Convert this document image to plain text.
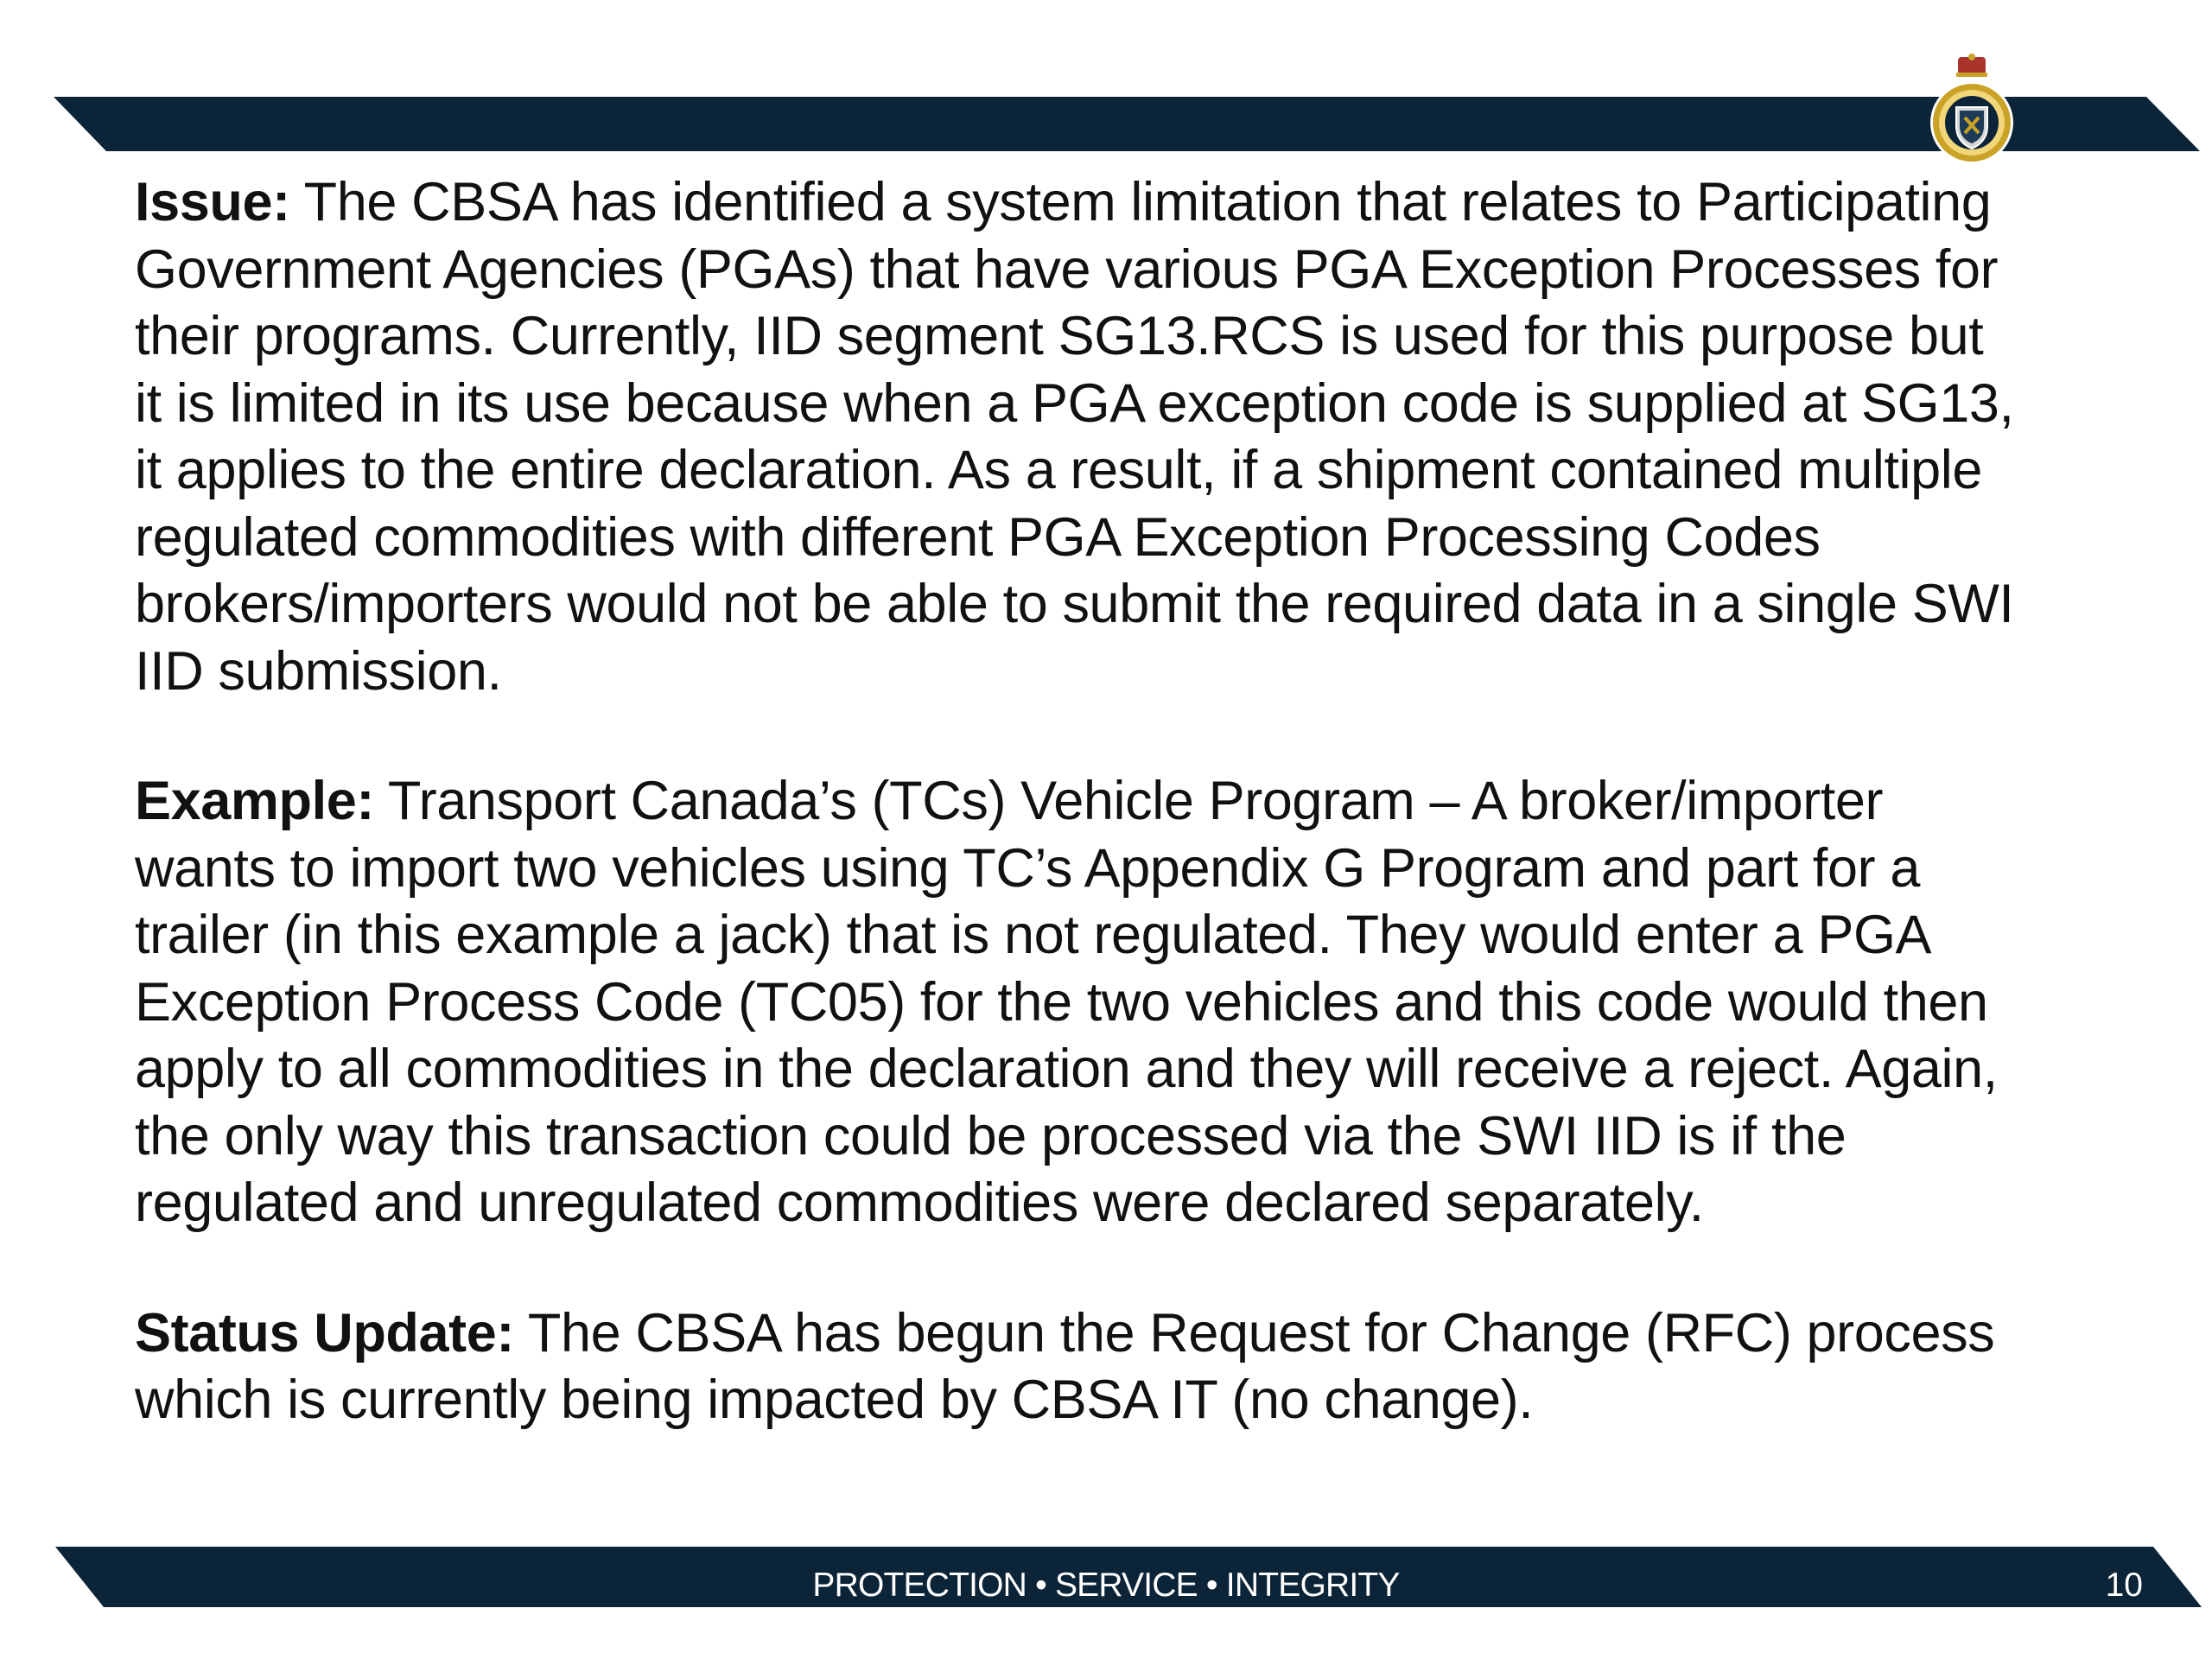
Issue: The CBSA has identified a system limitation that relates to Participating
Government Agencies (PGAs) that have various PGA Exception Processes for
their programs. Currently, IID segment SG13.RCS is used for this purpose but
it is limited in its use because when a PGA exception code is supplied at SG13,
it applies to the entire declaration. As a result, if a shipment contained multiple
regulated commodities with different PGA Exception Processing Codes
brokers/importers would not be able to submit the required data in a single SWI
IID submission.

Example: Transport Canada’s (TCs) Vehicle Program – A broker/importer
wants to import two vehicles using TC’s Appendix G Program and part for a
trailer (in this example a jack) that is not regulated. They would enter a PGA
Exception Process Code (TC05) for the two vehicles and this code would then
apply to all commodities in the declaration and they will receive a reject. Again,
the only way this transaction could be processed via the SWI IID is if the
regulated and unregulated commodities were declared separately.

Status Update: The CBSA has begun the Request for Change (RFC) process
which is currently being impacted by CBSA IT (no change).

PROTECTION • SERVICE • INTEGRITY	10
